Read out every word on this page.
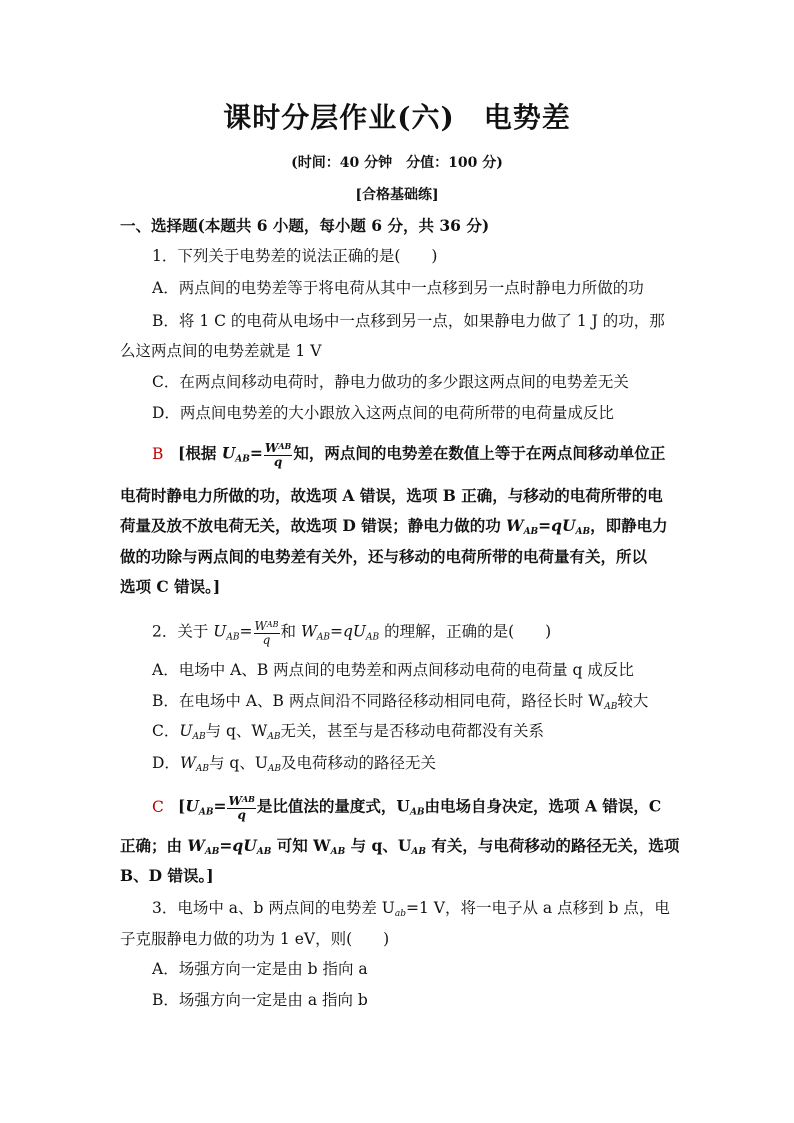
课时分层作业(六)　电势差
(时间：40 分钟　分值：100 分)
[合格基础练]
一、选择题(本题共 6 小题，每小题 6 分，共 36 分)
1．下列关于电势差的说法正确的是(　　)
A．两点间的电势差等于将电荷从其中一点移到另一点时静电力所做的功
B．将 1 C 的电荷从电场中一点移到另一点，如果静电力做了 1 J 的功，那
么这两点间的电势差就是 1 V
C．在两点间移动电荷时，静电力做功的多少跟这两点间的电势差无关
D．两点间电势差的大小跟放入这两点间的电荷所带的电荷量成反比
B [根据 $U_{AB}= \frac{W^{AB}}{q}$ 知，两点间的电势差在数值上等于在两点间移动单位正
电荷时静电力所做的功，故选项 A 错误，选项 B 正确，与移动的电荷所带的电
荷量及放不放电荷无关，故选项 D 错误；静电力做的功 $W_{AB}=qU_{AB}$，即静电力
做的功除与两点间的电势差有关外，还与移动的电荷所带的电荷量有关，所以
选项 C 错误。]
2．关于 $U_{AB}= \frac{W^{AB}}{q}$ 和 $W_{AB}=qU_{AB}$ 的理解，正确的是(　　)
A．电场中 A、B 两点间的电势差和两点间移动电荷的电荷量 q 成反比
B．在电场中 A、B 两点间沿不同路径移动相同电荷，路径长时 $W_{AB}$较大
C．$U_{AB}$与 q、$W_{AB}$无关，甚至与是否移动电荷都没有关系
D．$W_{AB}$与 q、$U_{AB}$及电荷移动的路径无关
C [$U_{AB}= \frac{W^{AB}}{q}$ 是比值法的量度式，$U_{AB}$由电场自身决定，选项 A 错误，C
正确；由 $W_{AB}=qU_{AB}$ 可知 $W_{AB}$ 与 q、$U_{AB}$ 有关，与电荷移动的路径无关，选项
B、D 错误。]
3．电场中 a、b 两点间的电势差 $U_{ab}=1$ V，将一电子从 a 点移到 b 点，电
子克服静电力做的功为 1 eV，则(　　)
A．场强方向一定是由 b 指向 a
B．场强方向一定是由 a 指向 b
